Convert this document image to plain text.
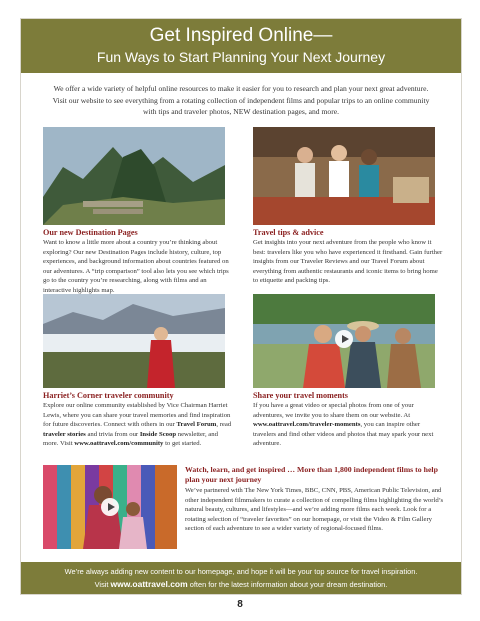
Get Inspired Online—
Fun Ways to Start Planning Your Next Journey
We offer a wide variety of helpful online resources to make it easier for you to research and plan your next great adventure. Visit our website to see everything from a rotating collection of independent films and popular trips to an online community with tips and traveler photos, NEW destination pages, and more.
Our new Destination Pages
Want to know a little more about a country you’re thinking about exploring? Our new Destination Pages include history, culture, top experiences, and background information about countries featured on our adventures. A “trip comparison” tool also lets you see which trips go to the country you’re researching, along with films and an interactive highlights map.
Travel tips & advice
Get insights into your next adventure from the people who know it best: travelers like you who have experienced it firsthand. Gain further insights from our Traveler Reviews and our Travel Forum about everything from authentic restaurants and iconic items to bring home to etiquette and packing tips.
Harriet’s Corner traveler community
Explore our online community established by Vice Chairman Harriet Lewis, where you can share your travel memories and find inspiration for future discoveries. Connect with others in our Travel Forum, read traveler stories and trivia from our Inside Scoop newsletter, and more. Visit www.oattravel.com/community to get started.
Share your travel moments
If you have a great video or special photos from one of your adventures, we invite you to share them on our website. At www.oattravel.com/traveler-moments, you can inspire other travelers and find other videos and photos that may spark your next adventure.
Watch, learn, and get inspired … More than 1,800 independent films to help plan your next journey
We’ve partnered with The New York Times, BBC, CNN, PBS, American Public Television, and other independent filmmakers to curate a collection of compelling films highlighting the world’s natural beauty, cultures, and lifestyles—and we’re adding more films each week. Look for a rotating selection of “traveler favorites” on our homepage, or visit the Video & Film Gallery section of each adventure to see a wider variety of regional-focused films.
We’re always adding new content to our homepage, and hope it will be your top source for travel inspiration.
Visit www.oattravel.com often for the latest information about your dream destination.
8
